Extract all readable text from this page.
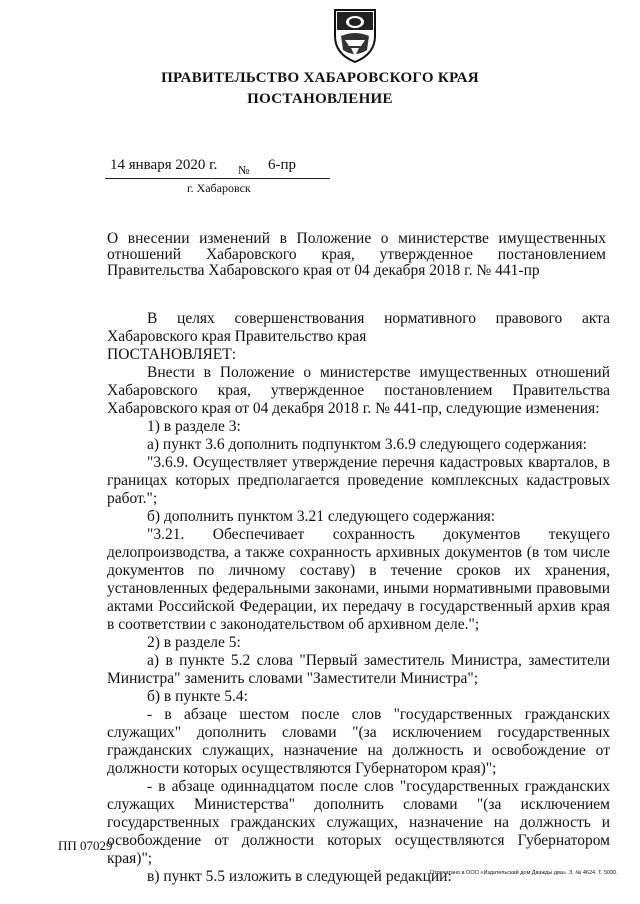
ПРАВИТЕЛЬСТВО ХАБАРОВСКОГО КРАЯ
ПОСТАНОВЛЕНИЕ
14 января 2020 г. № 6-пр
г. Хабаровск
О внесении изменений в Положение о министерстве имущественных отношений Хабаровского края, утвержденное постановлением Правительства Хабаровского края от 04 декабря 2018 г. № 441-пр

В целях совершенствования нормативного правового акта Хабаровского края Правительство края

ПОСТАНОВЛЯЕТ:

Внести в Положение о министерстве имущественных отношений Хабаровского края, утвержденное постановлением Правительства Хабаровского края от 04 декабря 2018 г. № 441-пр, следующие изменения:

1) в разделе 3:

а) пункт 3.6 дополнить подпунктом 3.6.9 следующего содержания:

"3.6.9. Осуществляет утверждение перечня кадастровых кварталов, в границах которых предполагается проведение комплексных кадастровых работ.";

б) дополнить пунктом 3.21 следующего содержания:

"3.21. Обеспечивает сохранность документов текущего делопроизводства, а также сохранность архивных документов (в том числе документов по личному составу) в течение сроков их хранения, установленных федеральными законами, иными нормативными правовыми актами Российской Федерации, их передачу в государственный архив края в соответствии с законодательством об архивном деле.";

2) в разделе 5:

а) в пункте 5.2 слова "Первый заместитель Министра, заместители Министра" заменить словами "Заместители Министра";

б) в пункте 5.4:

- в абзаце шестом после слов "государственных гражданских служащих" дополнить словами "(за исключением государственных гражданских служащих, назначение на должность и освобождение от должности которых осуществляются Губернатором края)";

- в абзаце одиннадцатом после слов "государственных гражданских служащих Министерства" дополнить словами "(за исключением государственных гражданских служащих, назначение на должность и освобождение от должности которых осуществляются Губернатором края)";

в) пункт 5.5 изложить в следующей редакции:

ПП 07029
Отпечатано в ООО «Издательский дом Дважды два». З. № 4624. Т. 5000.
